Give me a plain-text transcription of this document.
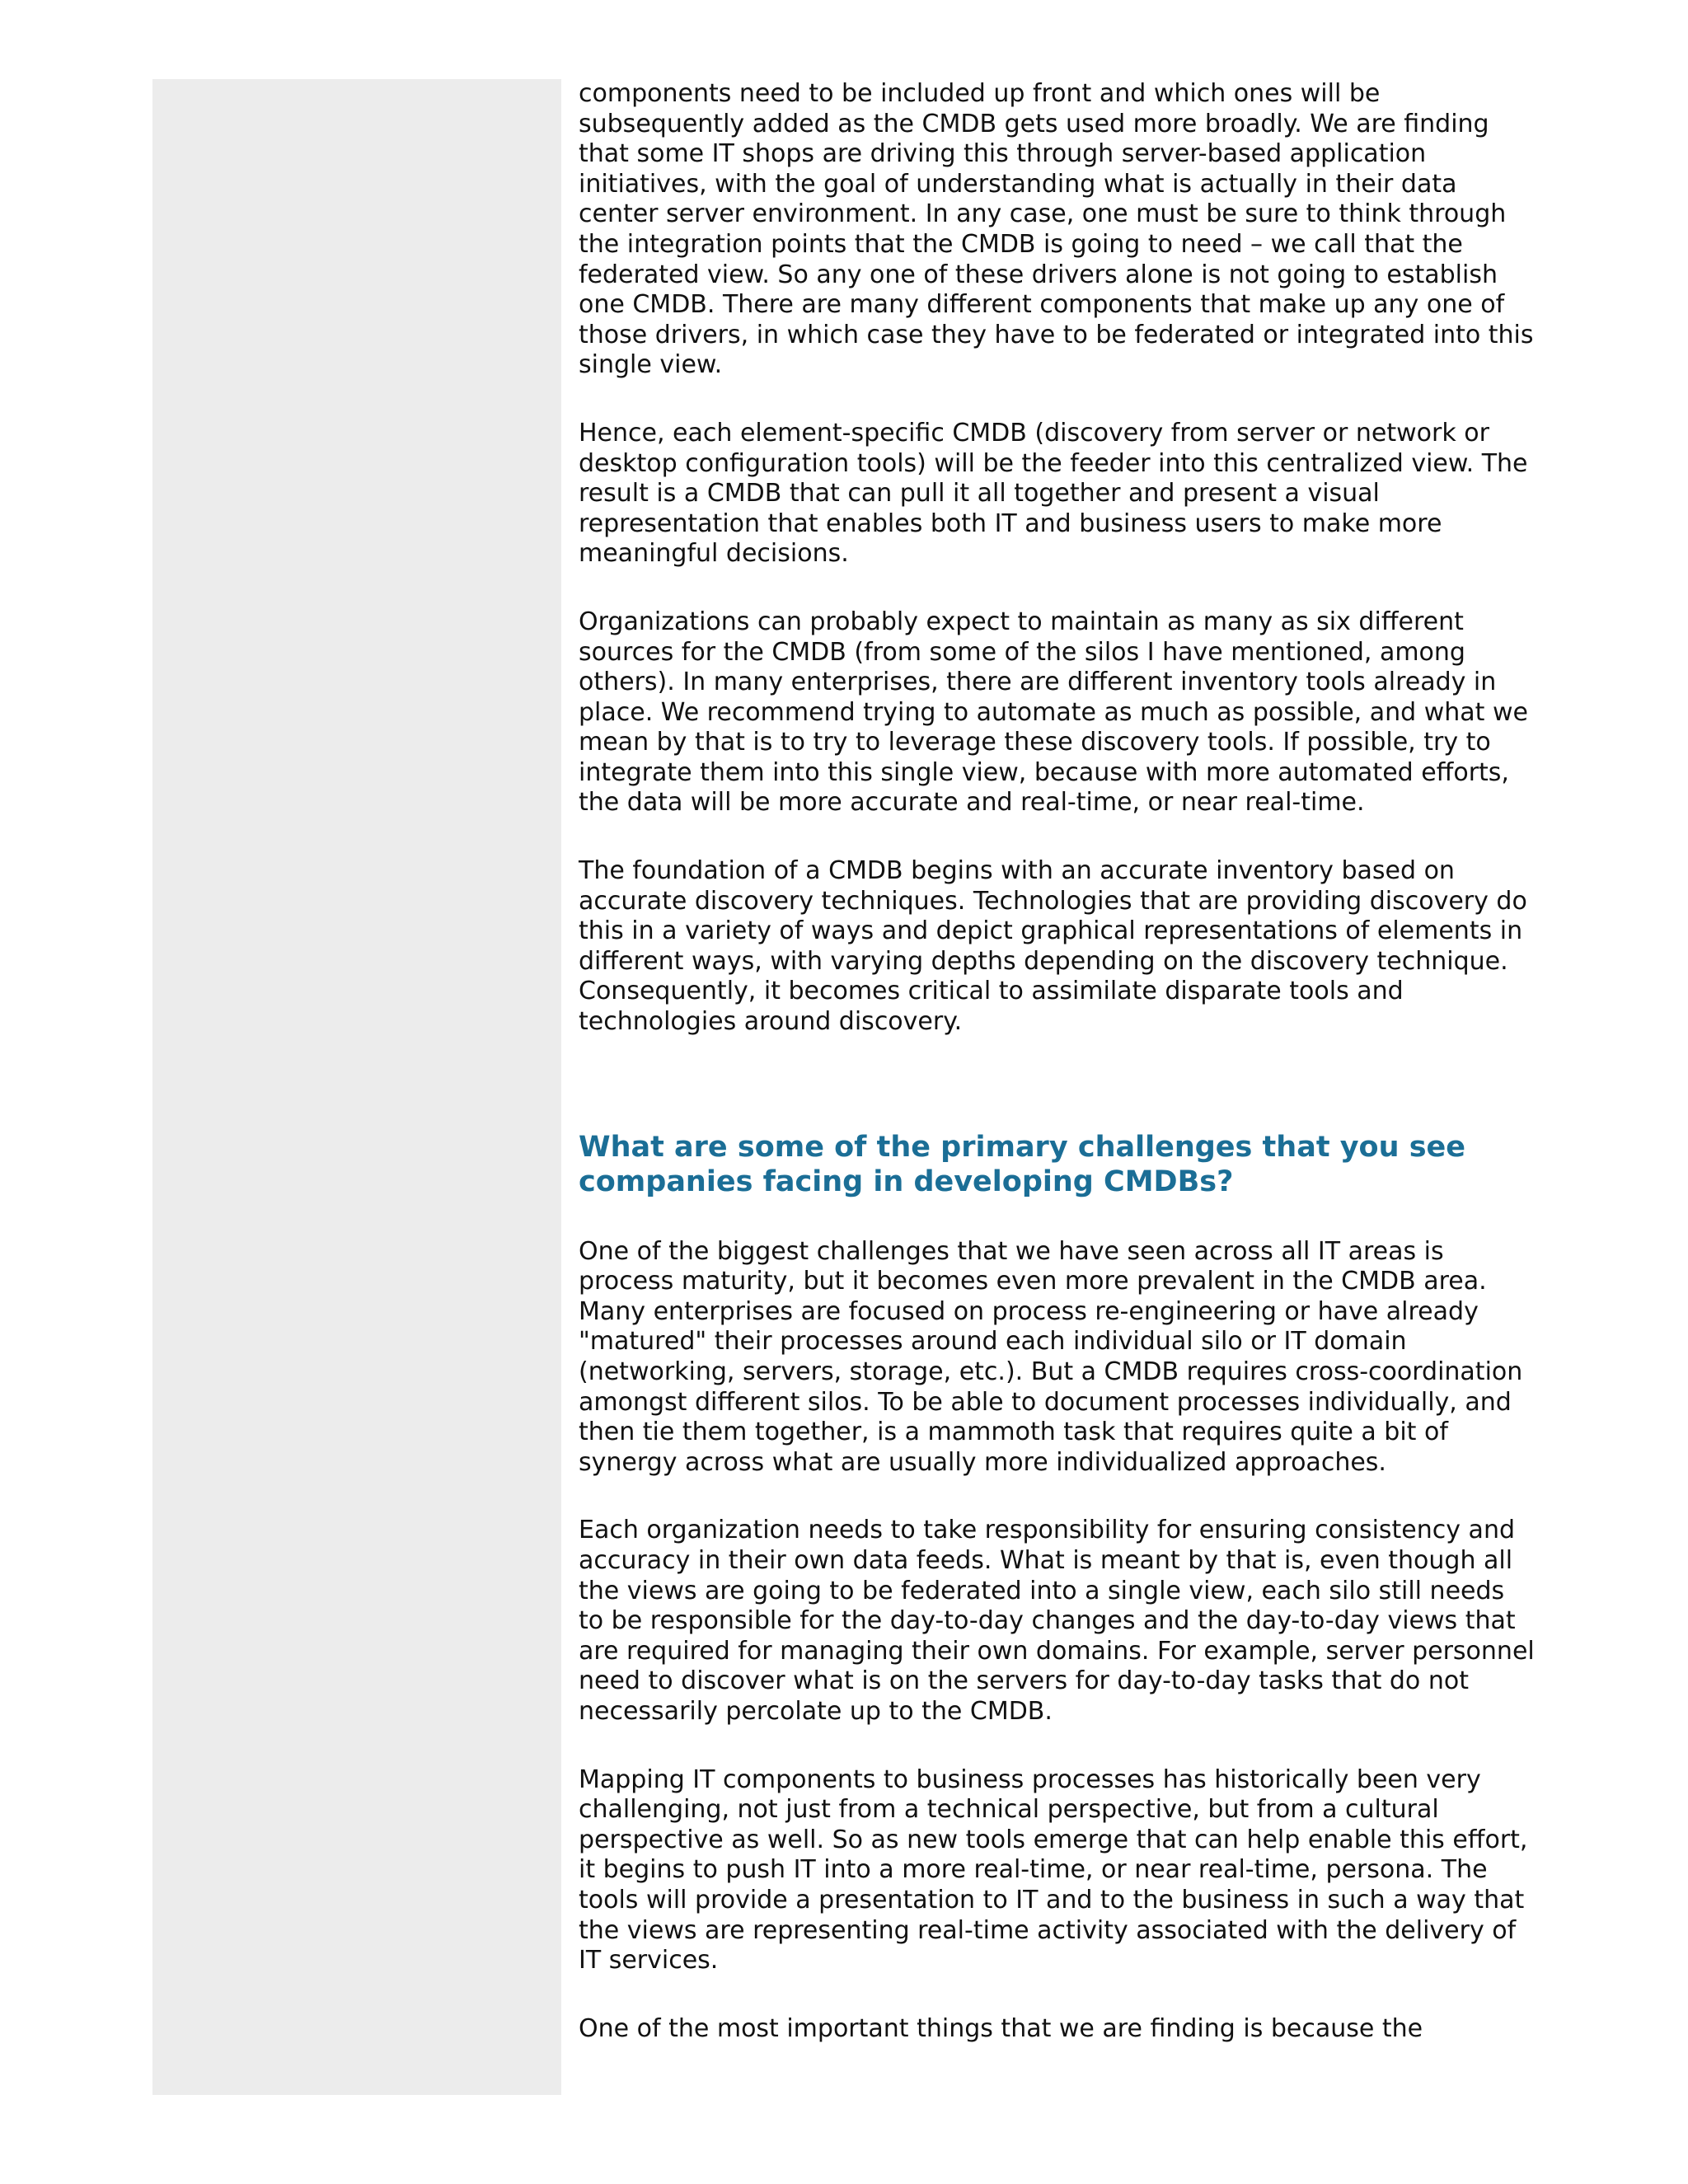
components need to be included up front and which ones will be subsequently added as the CMDB gets used more broadly. We are finding that some IT shops are driving this through server-based application initiatives, with the goal of understanding what is actually in their data center server environment. In any case, one must be sure to think through the integration points that the CMDB is going to need – we call that the federated view. So any one of these drivers alone is not going to establish one CMDB. There are many different components that make up any one of those drivers, in which case they have to be federated or integrated into this single view.

Hence, each element-specific CMDB (discovery from server or network or desktop configuration tools) will be the feeder into this centralized view. The result is a CMDB that can pull it all together and present a visual representation that enables both IT and business users to make more meaningful decisions.

Organizations can probably expect to maintain as many as six different sources for the CMDB (from some of the silos I have mentioned, among others). In many enterprises, there are different inventory tools already in place. We recommend trying to automate as much as possible, and what we mean by that is to try to leverage these discovery tools. If possible, try to integrate them into this single view, because with more automated efforts, the data will be more accurate and real-time, or near real-time.

The foundation of a CMDB begins with an accurate inventory based on accurate discovery techniques. Technologies that are providing discovery do this in a variety of ways and depict graphical representations of elements in different ways, with varying depths depending on the discovery technique. Consequently, it becomes critical to assimilate disparate tools and technologies around discovery.

What are some of the primary challenges that you see companies facing in developing CMDBs?

One of the biggest challenges that we have seen across all IT areas is process maturity, but it becomes even more prevalent in the CMDB area. Many enterprises are focused on process re-engineering or have already "matured" their processes around each individual silo or IT domain (networking, servers, storage, etc.). But a CMDB requires cross-coordination amongst different silos. To be able to document processes individually, and then tie them together, is a mammoth task that requires quite a bit of synergy across what are usually more individualized approaches.

Each organization needs to take responsibility for ensuring consistency and accuracy in their own data feeds. What is meant by that is, even though all the views are going to be federated into a single view, each silo still needs to be responsible for the day-to-day changes and the day-to-day views that are required for managing their own domains. For example, server personnel need to discover what is on the servers for day-to-day tasks that do not necessarily percolate up to the CMDB.

Mapping IT components to business processes has historically been very challenging, not just from a technical perspective, but from a cultural perspective as well. So as new tools emerge that can help enable this effort, it begins to push IT into a more real-time, or near real-time, persona. The tools will provide a presentation to IT and to the business in such a way that the views are representing real-time activity associated with the delivery of IT services.

One of the most important things that we are finding is because the
